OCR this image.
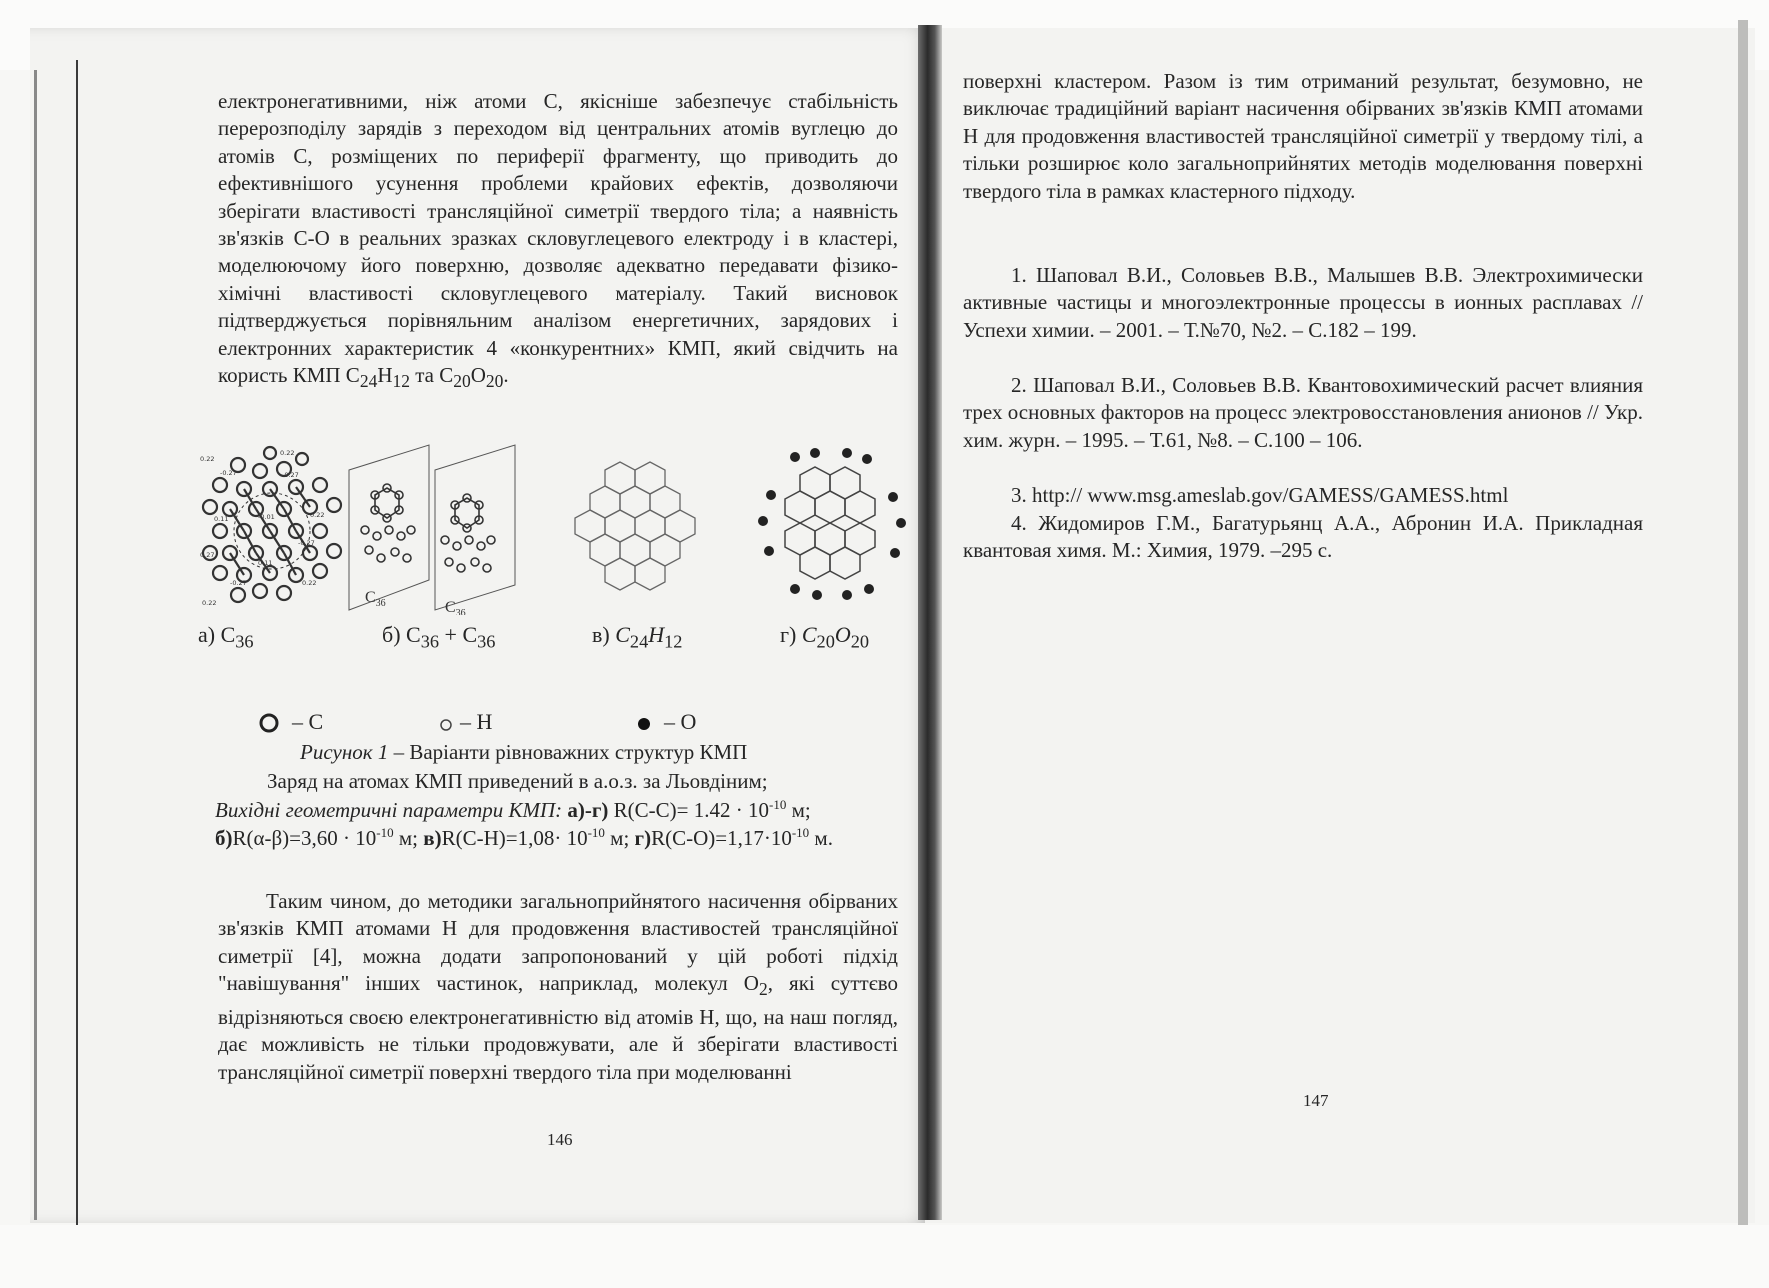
електронегативними, ніж атоми С, якісніше забезпечує стабільність перерозподілу зарядів з переходом від центральних атомів вуглецю до атомів С, розміщених по периферії фрагменту, що приводить до ефективнішого усунення проблеми крайових ефектів, дозволяючи зберігати властивості трансляційної симетрії твердого тіла; а наявність зв'язків С-О в реальних зразках скловуглецевого електроду і в кластері, моделюючому його поверхню, дозволяє адекватно передавати фізико-хімічні властивості скловуглецевого матеріалу. Такий висновок підтверджується порівняльним аналізом енергетичних, зарядових і електронних характеристик 4 «конкурентних» КМП, який свідчить на користь КМП $С_{24}Н_{12}$ та $С_{20}О_{20}$.

0.22
-0.27
0.22
-0.27
-0.01
0.11	0.22
-0.27
0.27
0.11
-0.27	0.22
0.22	$С_{36}$	$С_{36}$
а) $С_{36}$	б) $С_{36} + С_{36}$	в) $С_{24}Н_{12}$	г) $С_{20}О_{20}$
– С	– Н	– О
Рисунок 1 – Варіанти рівноважних структур КМП
Заряд на атомах КМП приведений в а.о.з. за Льовдіним;
Вихідні геометричні параметри КМП: а)-г) $R(C-C)= 1.42 \cdot 10^{-10}$ м;
$б)R(\alpha-\beta)=3,60 \cdot 10^{-10}$ м; $в)R(C-H)=1,08\cdot 10^{-10}$ м; $г)R(C-O)=1,17\cdot 10^{-10}$ м.

Таким чином, до методики загальноприйнятого насичення обірваних зв'язків КМП атомами Н для продовження властивостей трансляційної симетрії [4], можна додати запропонований у цій роботі підхід "навішування" інших частинок, наприклад, молекул $О_2$, які суттєво відрізняються своєю електронегативністю від атомів Н, що, на наш погляд, дає можливість не тільки продовжувати, але й зберігати властивості трансляційної симетрії поверхні твердого тіла при моделюванні

146

поверхні кластером. Разом із тим отриманий результат, безумовно, не виключає традиційний варіант насичення обірваних зв'язків КМП атомами Н для продовження властивостей трансляційної симетрії у твердому тілі, а тільки розширює коло загальноприйнятих методів моделювання поверхні твердого тіла в рамках кластерного підходу.

1. Шаповал В.И., Соловьев В.В., Малышев В.В. Электрохимически активные частицы и многоэлектронные процессы в ионных расплавах // Успехи химии. – 2001. – Т.№70, №2. – С.182 – 199.
2. Шаповал В.И., Соловьев В.В. Квантовохимический расчет влияния трех основных факторов на процесс электровосстановления анионов // Укр. хим. журн. – 1995. – Т.61, №8. – С.100 – 106.
3. http:// www.msg.ameslab.gov/GAMESS/GAMESS.html
4. Жидомиров Г.М., Багатурьянц А.А., Абронин И.А. Прикладная квантовая химя. М.: Химия, 1979. –295 с.
147
